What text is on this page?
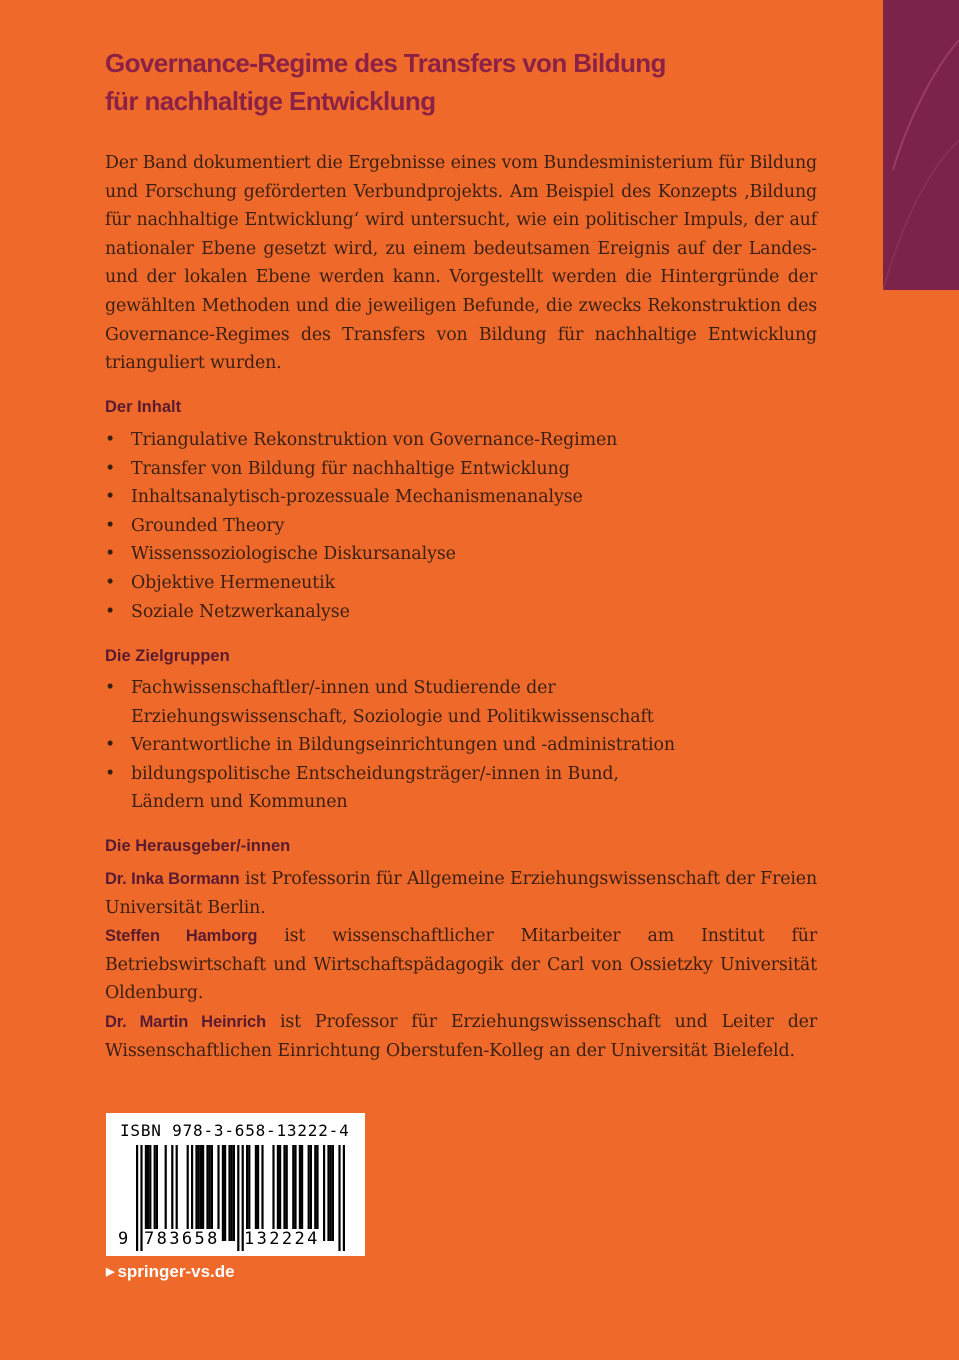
Governance-Regime des Transfers von Bildung
für nachhaltige Entwicklung
Der Band dokumentiert die Ergebnisse eines vom Bundesministerium für Bildung und Forschung geförderten Verbundprojekts. Am Beispiel des Konzepts ‚Bildung für nachhaltige Entwicklung‘ wird untersucht, wie ein politischer Impuls, der auf nationaler Ebene gesetzt wird, zu einem bedeutsamen Ereignis auf der Landes- und der lokalen Ebene werden kann. Vorgestellt werden die Hintergründe der gewählten Methoden und die jeweiligen Befunde, die zwecks Rekonstruktion des Governance-Regimes des Transfers von Bildung für nachhaltige Entwicklung trianguliert wurden.
Der Inhalt
• Triangulative Rekonstruktion von Governance-Regimen
• Transfer von Bildung für nachhaltige Entwicklung
• Inhaltsanalytisch-prozessuale Mechanismenanalyse
• Grounded Theory
• Wissenssoziologische Diskursanalyse
• Objektive Hermeneutik
• Soziale Netzwerkanalyse
Die Zielgruppen
• Fachwissenschaftler/-innen und Studierende der Erziehungswissenschaft, Soziologie und Politikwissenschaft
• Verantwortliche in Bildungseinrichtungen und -administration
• bildungspolitische Entscheidungsträger/-innen in Bund, Ländern und Kommunen
Die Herausgeber/-innen

Dr. Inka Bormann ist Professorin für Allgemeine Erziehungswissenschaft der Freien Universität Berlin.

Steffen Hamborg ist wissenschaftlicher Mitarbeiter am Institut für Betriebswirtschaft und Wirtschaftspädagogik der Carl von Ossietzky Universität Oldenburg.

Dr. Martin Heinrich ist Professor für Erziehungswissenschaft und Leiter der Wissenschaftlichen Einrichtung Oberstufen-Kolleg an der Universität Bielefeld.

ISBN 978-3-658-13222-4
9 783658 132224
▶ springer-vs.de
